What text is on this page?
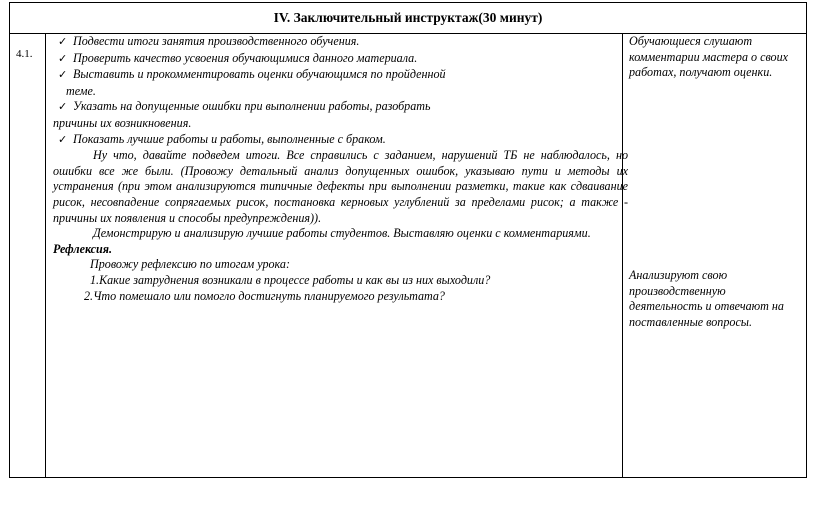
IV. Заключительный инструктаж(30 минут)
4.1.
✓ Подвести итоги занятия производственного обучения.
✓ Проверить качество усвоения обучающимися данного материала.
✓ Выставить и прокомментировать оценки обучающимся по пройденной
теме.
✓ Указать на допущенные ошибки при выполнении работы, разобрать
причины их возникновения.
✓ Показать лучшие работы и работы, выполненные с браком.
Ну что, давайте подведем итоги. Все справились с заданием, нарушений ТБ не наблюдалось, но ошибки все же были. (Провожу детальный анализ допущенных ошибок, указываю пути и методы их устранения (при этом анализируются типичные дефекты при выполнении разметки, такие как сдваивание рисок, несовпадение сопрягаемых рисок, постановка керновых углублений за пределами рисок; а также - причины их появления и способы предупреждения)).
Демонстрирую и анализирую лучшие работы студентов. Выставляю оценки с комментариями.
Рефлексия.
Провожу рефлексию по итогам урока:
1.Какие затруднения возникали в процессе работы и как вы из них выходили?
2.Что помешало или помогло достигнуть планируемого результата?
Обучающиеся слушают комментарии мастера о своих работах, получают оценки.
Анализируют свою производственную деятельность и отвечают на поставленные вопросы.
